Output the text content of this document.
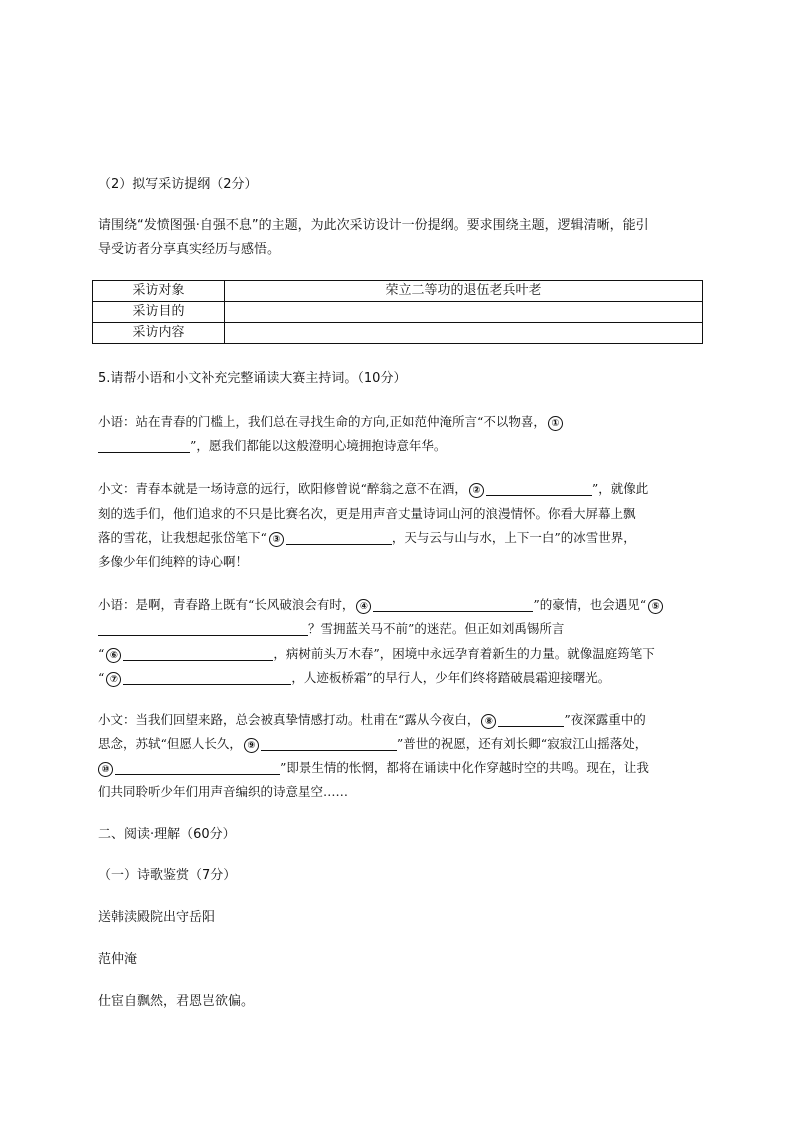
（2）拟写采访提纲（2分）
请围绕“发愤图强·自强不息”的主题，为此次采访设计一份提纲。要求围绕主题，逻辑清晰，能引
导受访者分享真实经历与感悟。
采访对象	荣立二等功的退伍老兵叶老
采访目的	
采访内容	
5.请帮小语和小文补充完整诵读大赛主持词。（10分）
小语：站在青春的门槛上，我们总在寻找生命的方向,正如范仲淹所言“不以物喜， ①
”，愿我们都能以这般澄明心境拥抱诗意年华。
小文：青春本就是一场诗意的远行，欧阳修曾说“醉翁之意不在酒， ②	”，就像此
刻的选手们，他们追求的不只是比赛名次，更是用声音丈量诗词山河的浪漫情怀。你看大屏幕上飘
落的雪花，让我想起张岱笔下“ ③	，天与云与山与水，上下一白”的冰雪世界，
多像少年们纯粹的诗心啊！
小语：是啊，青春路上既有“长风破浪会有时， ④	”的豪情，也会遇见“ ⑤
？雪拥蓝关马不前”的迷茫。但正如刘禹锡所言
“ ⑥	，病树前头万木春”，困境中永远孕育着新生的力量。就像温庭筠笔下
“ ⑦	，人迹板桥霜”的早行人，少年们终将踏破晨霜迎接曙光。
小文：当我们回望来路，总会被真挚情感打动。杜甫在“露从今夜白， ⑧	”夜深露重中的
思念，苏轼“但愿人长久， ⑨	”普世的祝愿，还有刘长卿“寂寂江山摇落处，
⑩	”即景生情的怅惘，都将在诵读中化作穿越时空的共鸣。现在，让我
们共同聆听少年们用声音编织的诗意星空……
二、阅读·理解（60分）
（一）诗歌鉴赏（7分）
送韩渎殿院出守岳阳
范仲淹
仕宦自飘然，君恩岂欲偏。
